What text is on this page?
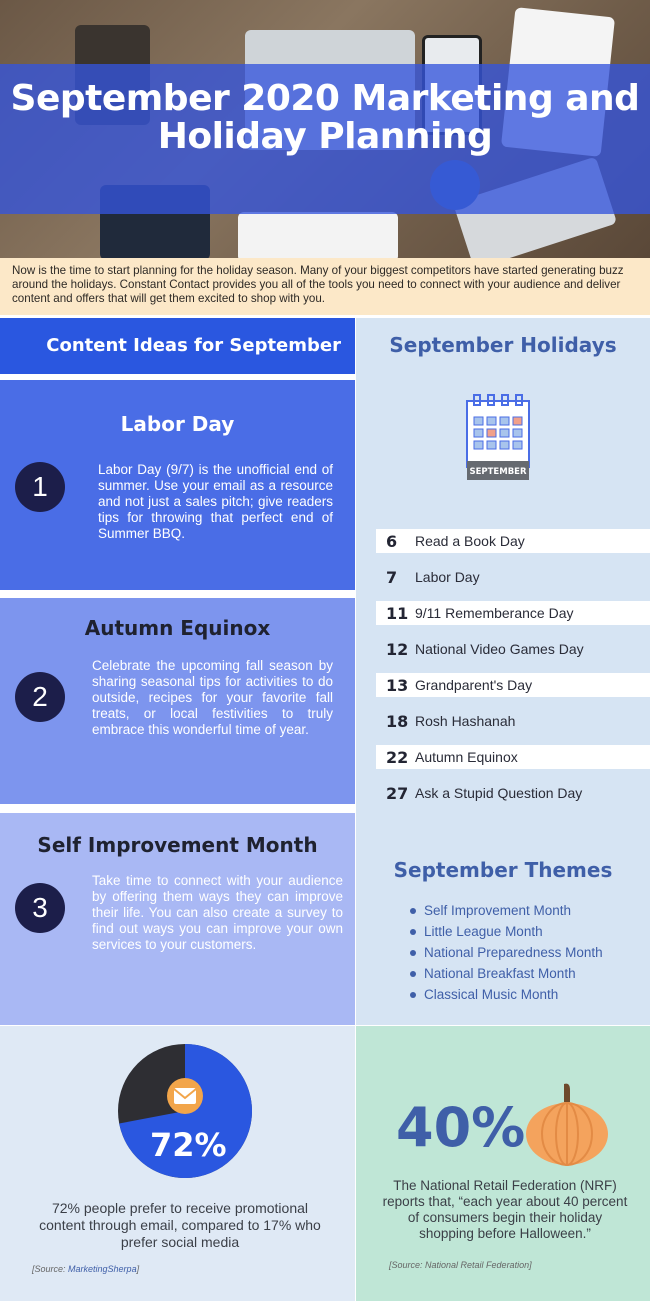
September 2020 Marketing and Holiday Planning
Now is the time to start planning for the holiday season. Many of your biggest competitors have started generating buzz around the holidays. Constant Contact provides you all of the tools you need to connect with your audience and deliver content and offers that will get them excited to shop with you.
Content Ideas for September
Labor Day
1
Labor Day (9/7) is the unofficial end of summer. Use your email as a resource and not just a sales pitch; give readers tips for throwing that perfect end of Summer BBQ.
Autumn Equinox
2
Celebrate the upcoming fall season by sharing seasonal tips for activities to do outside, recipes for your favorite fall treats, or local festivities to truly embrace this wonderful time of year.
Self Improvement Month
3
Take time to connect with your audience by offering them ways they can improve their life. You can also create a survey to find out ways you can improve your own services to your customers.
September Holidays
SEPTEMBER
6	Read a Book Day
7	Labor Day
11 9/11 Rememberance Day
12 National Video Games Day
13 Grandparent's Day
18 Rosh Hashanah
22 Autumn Equinox
27 Ask a Stupid Question Day
September Themes
Self Improvement Month
Little League Month
National Preparedness Month
National Breakfast Month
Classical Music Month
72%
72% people prefer to receive promotional content through email, compared to 17% who prefer social media
[Source: MarketingSherpa]
40%
The National Retail Federation (NRF) reports that, “each year about 40 percent of consumers begin their holiday shopping before Halloween.”
[Source: National Retail Federation]
